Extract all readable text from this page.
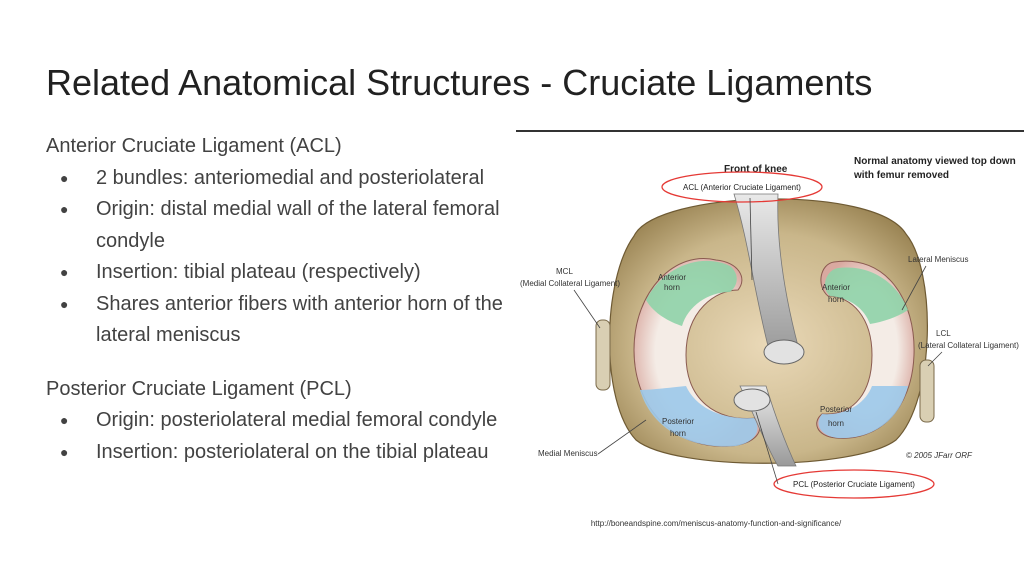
Related Anatomical Structures - Cruciate Ligaments

Anterior Cruciate Ligament (ACL)

● 2 bundles: anteriomedial and posteriolateral
● Origin: distal medial wall of the lateral femoral condyle
● Insertion: tibial plateau (respectively)
● Shares anterior fibers with anterior horn of the lateral meniscus

Posterior Cruciate Ligament (PCL)

● Origin: posteriolateral medial femoral condyle
● Insertion: posteriolateral on the tibial plateau
Anterior horn	Anterior horn
Posterior horn
Posterior horn
Front of knee
Normal anatomy viewed top down with femur removed
ACL (Anterior Cruciate Ligament)
MCL (Medial Collateral Ligament)
Lateral Meniscus
LCL (Lateral Collateral Ligament)
Medial Meniscus	© 2005 JFarr ORF
PCL (Posterior Cruciate Ligament)
http://boneandspine.com/meniscus-anatomy-function-and-significance/
